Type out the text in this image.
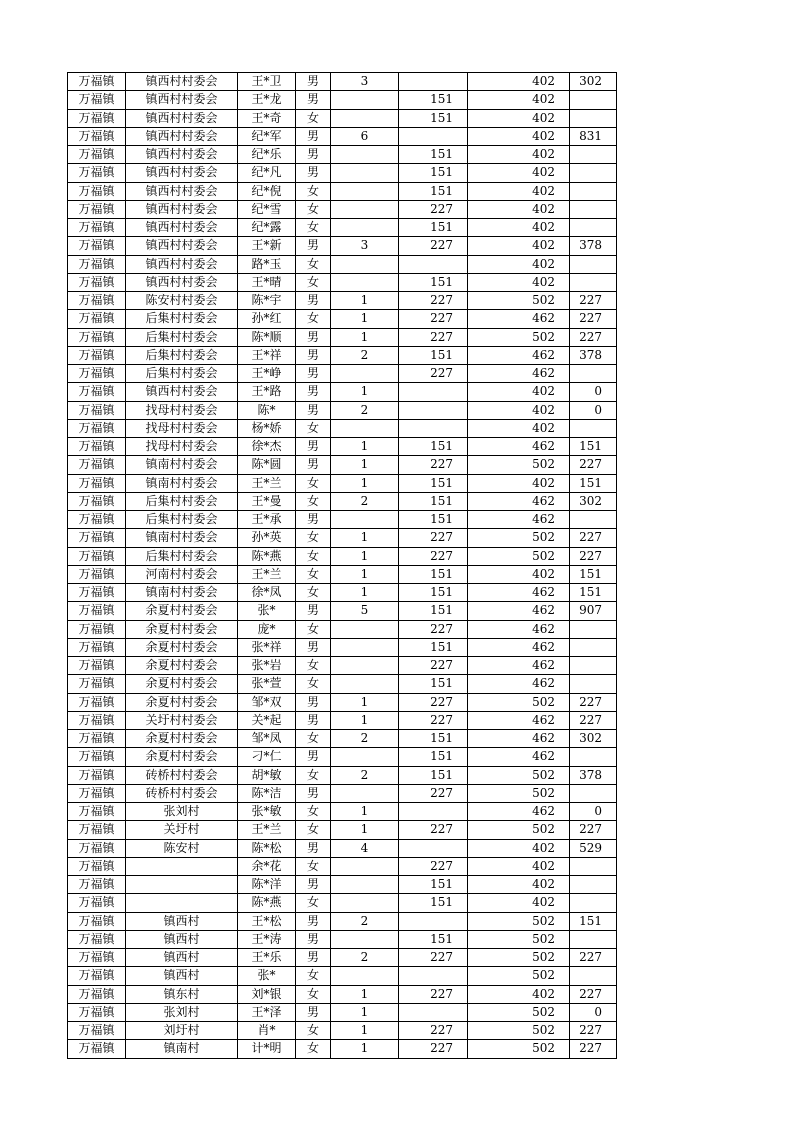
万福镇	镇西村村委会	王*卫	男	3		402	302
万福镇	镇西村村委会	王*龙	男		151	402	
万福镇	镇西村村委会	王*奇	女		151	402	
万福镇	镇西村村委会	纪*军	男	6		402	831
万福镇	镇西村村委会	纪*乐	男		151	402	
万福镇	镇西村村委会	纪*凡	男		151	402	
万福镇	镇西村村委会	纪*倪	女		151	402	
万福镇	镇西村村委会	纪*雪	女		227	402	
万福镇	镇西村村委会	纪*露	女		151	402	
万福镇	镇西村村委会	王*新	男	3	227	402	378
万福镇	镇西村村委会	路*玉	女			402	
万福镇	镇西村村委会	王*晴	女		151	402	
万福镇	陈安村村委会	陈*宇	男	1	227	502	227
万福镇	后集村村委会	孙*红	女	1	227	462	227
万福镇	后集村村委会	陈*顺	男	1	227	502	227
万福镇	后集村村委会	王*祥	男	2	151	462	378
万福镇	后集村村委会	王*峥	男		227	462	
万福镇	镇西村村委会	王*路	男	1		402	0
万福镇	找母村村委会	陈*	男	2		402	0
万福镇	找母村村委会	杨*娇	女			402	
万福镇	找母村村委会	徐*杰	男	1	151	462	151
万福镇	镇南村村委会	陈*圆	男	1	227	502	227
万福镇	镇南村村委会	王*兰	女	1	151	402	151
万福镇	后集村村委会	王*曼	女	2	151	462	302
万福镇	后集村村委会	王*承	男		151	462	
万福镇	镇南村村委会	孙*英	女	1	227	502	227
万福镇	后集村村委会	陈*燕	女	1	227	502	227
万福镇	河南村村委会	王*兰	女	1	151	402	151
万福镇	镇南村村委会	徐*凤	女	1	151	462	151
万福镇	余夏村村委会	张*	男	5	151	462	907
万福镇	余夏村村委会	庞*	女		227	462	
万福镇	余夏村村委会	张*祥	男		151	462	
万福镇	余夏村村委会	张*岩	女		227	462	
万福镇	余夏村村委会	张*萱	女		151	462	
万福镇	余夏村村委会	邹*双	男	1	227	502	227
万福镇	关圩村村委会	关*起	男	1	227	462	227
万福镇	余夏村村委会	邹*凤	女	2	151	462	302
万福镇	余夏村村委会	刁*仁	男		151	462	
万福镇	砖桥村村委会	胡*敏	女	2	151	502	378
万福镇	砖桥村村委会	陈*洁	男		227	502	
万福镇	张刘村	张*敏	女	1		462	0
万福镇	关圩村	王*兰	女	1	227	502	227
万福镇	陈安村	陈*松	男	4		402	529
万福镇		余*花	女		227	402	
万福镇		陈*洋	男		151	402	
万福镇		陈*燕	女		151	402	
万福镇	镇西村	王*松	男	2		502	151
万福镇	镇西村	王*涛	男		151	502	
万福镇	镇西村	王*乐	男	2	227	502	227
万福镇	镇西村	张*	女			502	
万福镇	镇东村	刘*银	女	1	227	402	227
万福镇	张刘村	王*泽	男	1		502	0
万福镇	刘圩村	肖*	女	1	227	502	227
万福镇	镇南村	计*明	女	1	227	502	227
